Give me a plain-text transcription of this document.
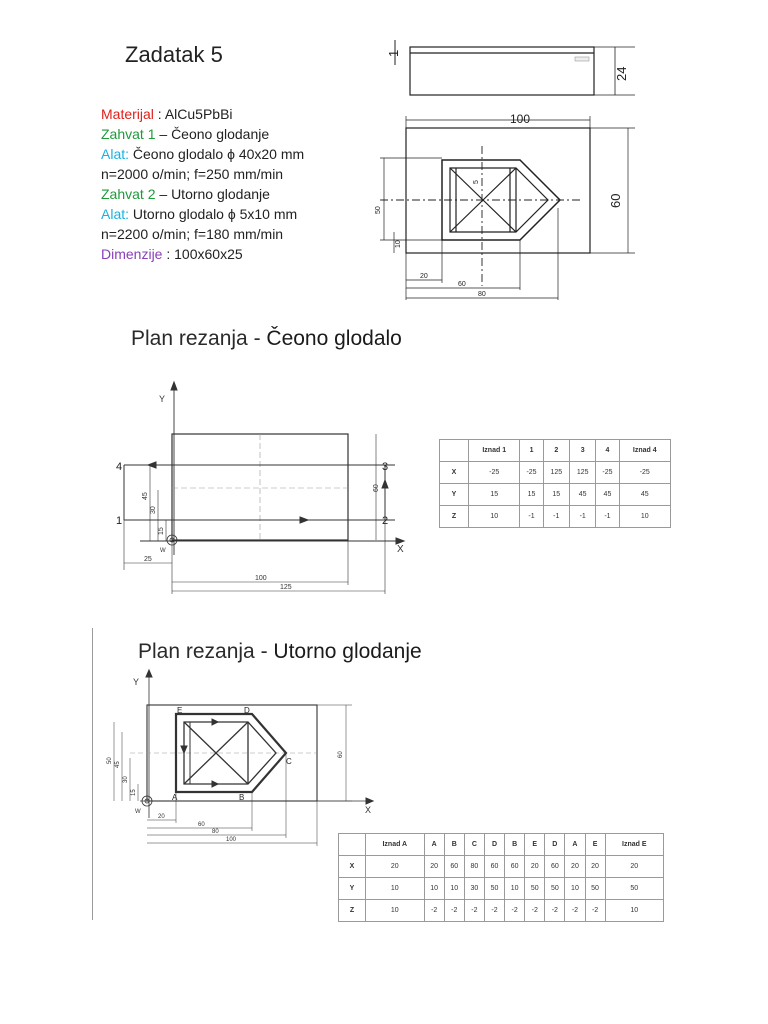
Zadatak 5
Materijal : AlCu5PbBi
Zahvat 1 – Čeono glodanje
Alat: Čeono glodalo ϕ 40x20 mm
n=2000 o/min; f=250 mm/min
Zahvat 2 – Utorno glodanje
Alat: Utorno glodalo ϕ 5x10 mm
n=2200 o/min; f=180 mm/min
Dimenzije : 100x60x25
1
24
100
60
50
10
20
60
80
5
Plan rezanja - Čeono glodalo
Y
X
1	2
3
4
60
45
30
15
25
100
125
W
	Iznad 1	1	2	3	4	Iznad 4
X	-25	-25	125	125	-25	-25
Y	15	15	15	45	45	45
Z	10	-1	-1	-1	-1	10
Plan rezanja - Utorno glodanje
Y
X
E	D
C
A	B
50
45
30
15
60
20
60
80
100
W
	Iznad A	A	B	C	D	B	E	D	A	E	Iznad E
X	20	20	60	80	60	60	20	60	20	20	20
Y	10	10	10	30	50	10	50	50	10	50	50
Z	10	-2	-2	-2	-2	-2	-2	-2	-2	-2	10
